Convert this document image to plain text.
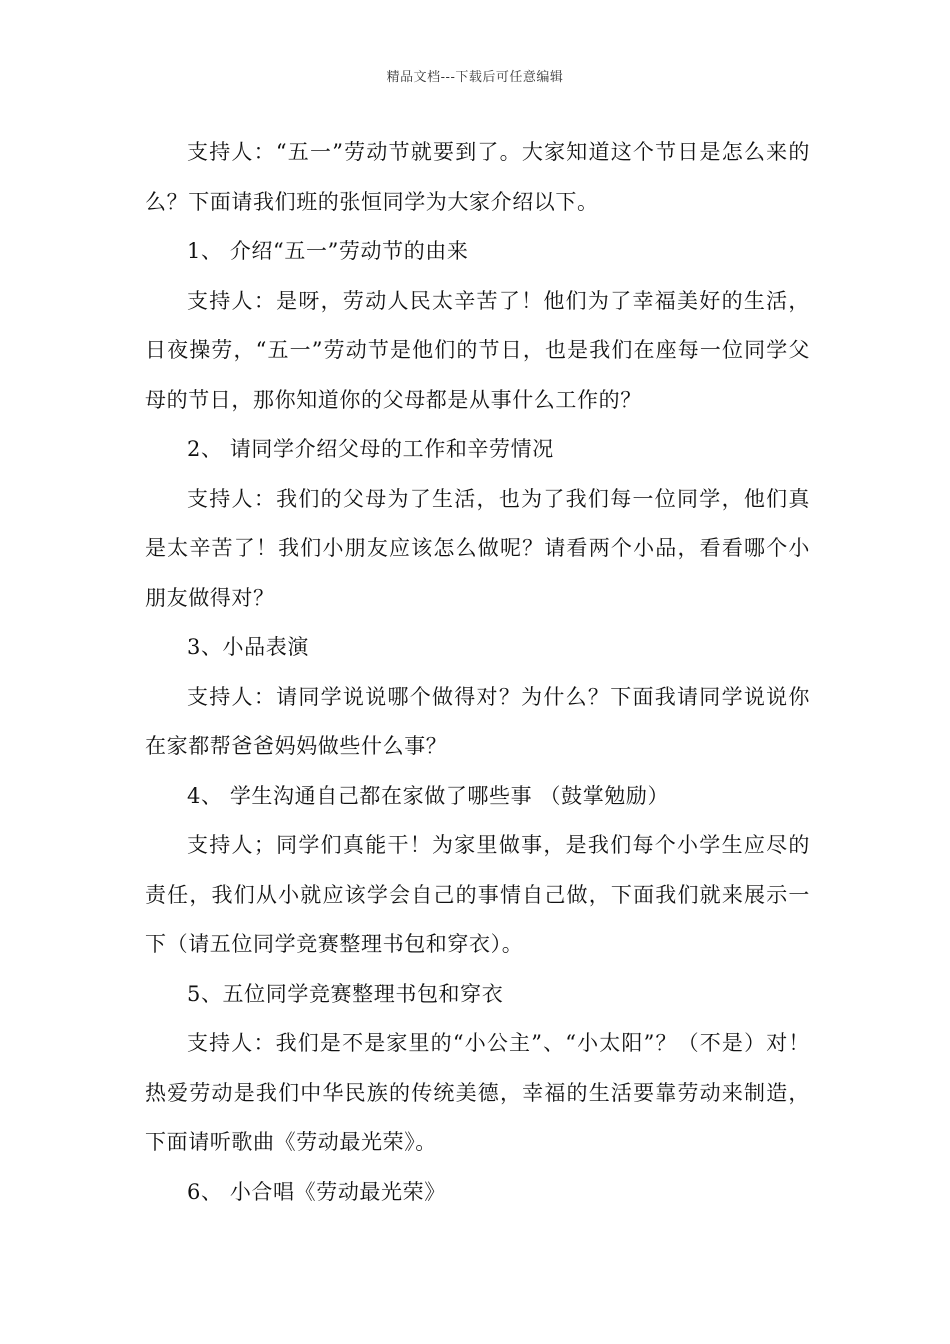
精品文档---下载后可任意编辑

支持人：“五一”劳动节就要到了。大家知道这个节日是怎么来的么？下面请我们班的张恒同学为大家介绍以下。

1、 介绍“五一”劳动节的由来

支持人：是呀，劳动人民太辛苦了！他们为了幸福美好的生活，日夜操劳，“五一”劳动节是他们的节日，也是我们在座每一位同学父母的节日，那你知道你的父母都是从事什么工作的？

2、 请同学介绍父母的工作和辛劳情况

支持人：我们的父母为了生活，也为了我们每一位同学，他们真是太辛苦了！我们小朋友应该怎么做呢？请看两个小品，看看哪个小朋友做得对？

3、小品表演

支持人：请同学说说哪个做得对？为什么？下面我请同学说说你在家都帮爸爸妈妈做些什么事？

4、 学生沟通自己都在家做了哪些事 （鼓掌勉励）

支持人；同学们真能干！为家里做事，是我们每个小学生应尽的责任，我们从小就应该学会自己的事情自己做，下面我们就来展示一下（请五位同学竞赛整理书包和穿衣）。

5、五位同学竞赛整理书包和穿衣

支持人：我们是不是家里的“小公主”、“小太阳”？（不是）对！热爱劳动是我们中华民族的传统美德，幸福的生活要靠劳动来制造，下面请听歌曲《劳动最光荣》。

6、 小合唱《劳动最光荣》
